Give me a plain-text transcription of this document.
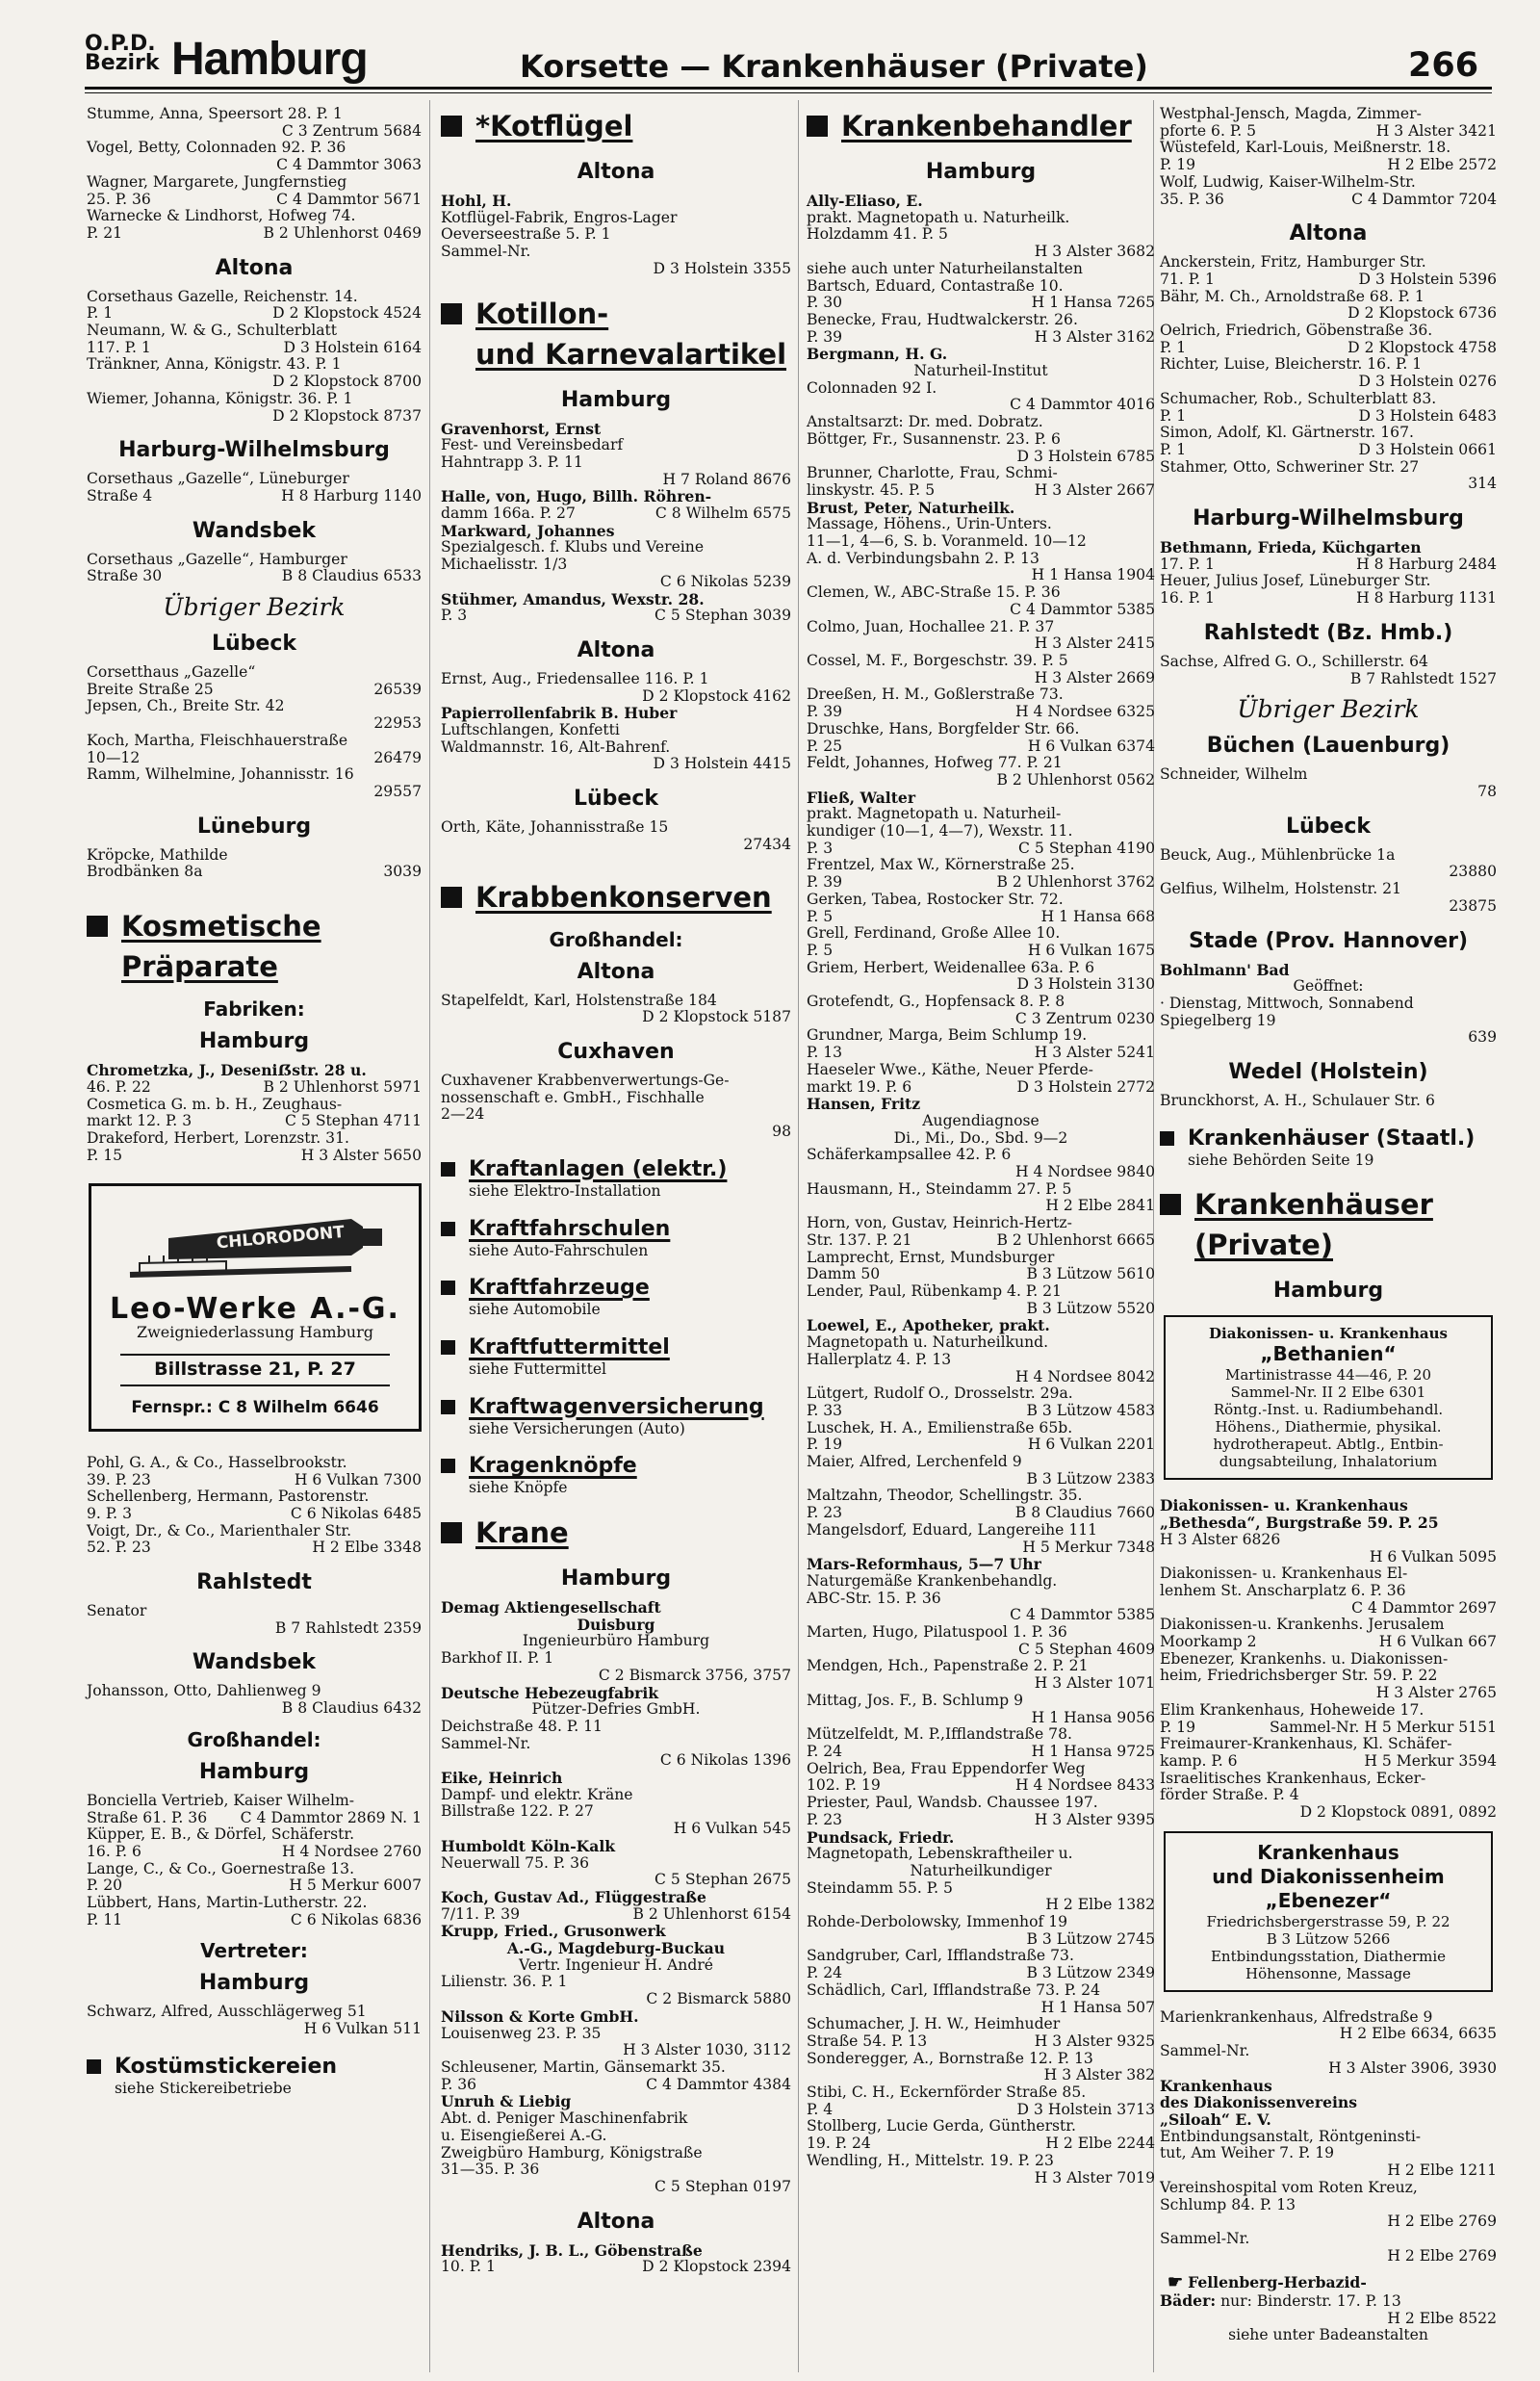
O.P.D.
Bezirk Hamburg	Korsette — Krankenhäuser (Private)	266
Stumme, Anna, Speersort 28. P. 1
C 3 Zentrum 5684
Vogel, Betty, Colonnaden 92. P. 36
C 4 Dammtor 3063
Wagner, Margarete, Jungfernstieg
25. P. 36	C 4 Dammtor 5671
Warnecke & Lindhorst, Hofweg 74.
P. 21	B 2 Uhlenhorst 0469
Altona
Corsethaus Gazelle, Reichenstr. 14.
P. 1	D 2 Klopstock 4524
Neumann, W. & G., Schulterblatt
117. P. 1	D 3 Holstein 6164
Tränkner, Anna, Königstr. 43. P. 1
D 2 Klopstock 8700
Wiemer, Johanna, Königstr. 36. P. 1
D 2 Klopstock 8737
Harburg-Wilhelmsburg
Corsethaus „Gazelle“, Lüneburger
Straße 4	H 8 Harburg 1140
Wandsbek
Corsethaus „Gazelle“, Hamburger
Straße 30	B 8 Claudius 6533
Übriger Bezirk
Lübeck
Corsetthaus „Gazelle“
Breite Straße 25	26539
Jepsen, Ch., Breite Str. 42
22953
Koch, Martha, Fleischhauerstraße
10—12	26479
Ramm, Wilhelmine, Johannisstr. 16
29557
Lüneburg
Kröpcke, Mathilde
Brodbänken 8a	3039
Kosmetische
Präparate
Fabriken:
Hamburg
Chrometzka, J., Deseniẞstr. 28 u.
46. P. 22	B 2 Uhlenhorst 5971
Cosmetica G. m. b. H., Zeughaus-
markt 12. P. 3	C 5 Stephan 4711
Drakeford, Herbert, Lorenzstr. 31.
P. 15	H 3 Alster 5650
CHLORODONT
Leo-Werke A.-G.
Zweigniederlassung Hamburg
Billstrasse 21, P. 27
Fernspr.: C 8 Wilhelm 6646
Pohl, G. A., & Co., Hasselbrookstr.
39. P. 23	H 6 Vulkan 7300
Schellenberg, Hermann, Pastorenstr.
9. P. 3	C 6 Nikolas 6485
Voigt, Dr., & Co., Marienthaler Str.
52. P. 23	H 2 Elbe 3348
Rahlstedt
Senator
B 7 Rahlstedt 2359
Wandsbek
Johansson, Otto, Dahlienweg 9
B 8 Claudius 6432
Großhandel:
Hamburg
Bonciella Vertrieb, Kaiser Wilhelm-
Straße 61. P. 36 C 4 Dammtor 2869 N. 1
Küpper, E. B., & Dörfel, Schäferstr.
16. P. 6	H 4 Nordsee 2760
Lange, C., & Co., Goernestraße 13.
P. 20	H 5 Merkur 6007
Lübbert, Hans, Martin-Lutherstr. 22.
P. 11	C 6 Nikolas 6836
Vertreter:
Hamburg
Schwarz, Alfred, Ausschlägerweg 51
H 6 Vulkan 511
Kostümstickereien
siehe Stickereibetriebe
*Kotflügel
Altona
Hohl, H.
Kotflügel-Fabrik, Engros-Lager
Oeverseestraße 5. P. 1
Sammel-Nr.
D 3 Holstein 3355
Kotillon-
und Karnevalartikel
Hamburg
Gravenhorst, Ernst
Fest- und Vereinsbedarf
Hahntrapp 3. P. 11
H 7 Roland 8676
Halle, von, Hugo, Billh. Röhren-
damm 166a. P. 27	C 8 Wilhelm 6575
Markward, Johannes
Spezialgesch. f. Klubs und Vereine
Michaelisstr. 1/3
C 6 Nikolas 5239
Stühmer, Amandus, Wexstr. 28.
P. 3	C 5 Stephan 3039
Altona
Ernst, Aug., Friedensallee 116. P. 1
D 2 Klopstock 4162
Papierrollenfabrik B. Huber
Luftschlangen, Konfetti
Waldmannstr. 16, Alt-Bahrenf.
D 3 Holstein 4415
Lübeck
Orth, Käte, Johannisstraße 15
27434
Krabbenkonserven
Großhandel:
Altona
Stapelfeldt, Karl, Holstenstraße 184
D 2 Klopstock 5187
Cuxhaven
Cuxhavener Krabbenverwertungs-Ge-
nossenschaft e. GmbH., Fischhalle
2—24
98
Kraftanlagen (elektr.)
siehe Elektro-Installation
Kraftfahrschulen
siehe Auto-Fahrschulen
Kraftfahrzeuge
siehe Automobile
Kraftfuttermittel
siehe Futtermittel
Kraftwagenversicherung
siehe Versicherungen (Auto)
Kragenknöpfe
siehe Knöpfe
Krane
Hamburg
Demag Aktiengesellschaft
Duisburg
Ingenieurbüro Hamburg
Barkhof II. P. 1
C 2 Bismarck 3756, 3757
Deutsche Hebezeugfabrik
Pützer-Defries GmbH.
Deichstraße 48. P. 11
Sammel-Nr.
C 6 Nikolas 1396
Eike, Heinrich
Dampf- und elektr. Kräne
Billstraße 122. P. 27
H 6 Vulkan 545
Humboldt Köln-Kalk
Neuerwall 75. P. 36
C 5 Stephan 2675
Koch, Gustav Ad., Flüggestraße
7/11. P. 39	B 2 Uhlenhorst 6154
Krupp, Fried., Grusonwerk
A.-G., Magdeburg-Buckau
Vertr. Ingenieur H. André
Lilienstr. 36. P. 1
C 2 Bismarck 5880
Nilsson & Korte GmbH.
Louisenweg 23. P. 35
H 3 Alster 1030, 3112
Schleusener, Martin, Gänsemarkt 35.
P. 36	C 4 Dammtor 4384
Unruh & Liebig
Abt. d. Peniger Maschinenfabrik
u. Eisengießerei A.-G.
Zweigbüro Hamburg, Königstraße
31—35. P. 36
C 5 Stephan 0197
Altona
Hendriks, J. B. L., Göbenstraße
10. P. 1	D 2 Klopstock 2394
Krankenbehandler
Hamburg
Ally-Eliaso, E.
prakt. Magnetopath u. Naturheilk.
Holzdamm 41. P. 5
H 3 Alster 3682
siehe auch unter Naturheilanstalten
Bartsch, Eduard, Contastraße 10.
P. 30	H 1 Hansa 7265
Benecke, Frau, Hudtwalckerstr. 26.
P. 39	H 3 Alster 3162
Bergmann, H. G.
Naturheil-Institut
Colonnaden 92 I.
C 4 Dammtor 4016
Anstaltsarzt: Dr. med. Dobratz.
Böttger, Fr., Susannenstr. 23. P. 6
D 3 Holstein 6785
Brunner, Charlotte, Frau, Schmi-
linskystr. 45. P. 5	H 3 Alster 2667
Brust, Peter, Naturheilk.
Massage, Höhens., Urin-Unters.
11—1, 4—6, S. b. Voranmeld. 10—12
A. d. Verbindungsbahn 2. P. 13
H 1 Hansa 1904
Clemen, W., ABC-Straße 15. P. 36
C 4 Dammtor 5385
Colmo, Juan, Hochallee 21. P. 37
H 3 Alster 2415
Cossel, M. F., Borgeschstr. 39. P. 5
H 3 Alster 2669
Dreeßen, H. M., Goßlerstraße 73.
P. 39	H 4 Nordsee 6325
Druschke, Hans, Borgfelder Str. 66.
P. 25	H 6 Vulkan 6374
Feldt, Johannes, Hofweg 77. P. 21
B 2 Uhlenhorst 0562
Fließ, Walter
prakt. Magnetopath u. Naturheil-
kundiger (10—1, 4—7), Wexstr. 11.
P. 3	C 5 Stephan 4190
Frentzel, Max W., Körnerstraße 25.
P. 39	B 2 Uhlenhorst 3762
Gerken, Tabea, Rostocker Str. 72.
P. 5	H 1 Hansa 668
Grell, Ferdinand, Große Allee 10.
P. 5	H 6 Vulkan 1675
Griem, Herbert, Weidenallee 63a. P. 6
D 3 Holstein 3130
Grotefendt, G., Hopfensack 8. P. 8
C 3 Zentrum 0230
Grundner, Marga, Beim Schlump 19.
P. 13	H 3 Alster 5241
Haeseler Wwe., Käthe, Neuer Pferde-
markt 19. P. 6	D 3 Holstein 2772
Hansen, Fritz
Augendiagnose
Di., Mi., Do., Sbd. 9—2
Schäferkampsallee 42. P. 6
H 4 Nordsee 9840
Hausmann, H., Steindamm 27. P. 5
H 2 Elbe 2841
Horn, von, Gustav, Heinrich-Hertz-
Str. 137. P. 21	B 2 Uhlenhorst 6665
Lamprecht, Ernst, Mundsburger
Damm 50	B 3 Lützow 5610
Lender, Paul, Rübenkamp 4. P. 21
B 3 Lützow 5520
Loewel, E., Apotheker, prakt.
Magnetopath u. Naturheilkund.
Hallerplatz 4. P. 13
H 4 Nordsee 8042
Lütgert, Rudolf O., Drosselstr. 29a.
P. 33	B 3 Lützow 4583
Luschek, H. A., Emilienstraße 65b.
P. 19	H 6 Vulkan 2201
Maier, Alfred, Lerchenfeld 9
B 3 Lützow 2383
Maltzahn, Theodor, Schellingstr. 35.
P. 23	B 8 Claudius 7660
Mangelsdorf, Eduard, Langereihe 111
H 5 Merkur 7348
Mars-Reformhaus, 5—7 Uhr
Naturgemäße Krankenbehandlg.
ABC-Str. 15. P. 36
C 4 Dammtor 5385
Marten, Hugo, Pilatuspool 1. P. 36
C 5 Stephan 4609
Mendgen, Hch., Papenstraße 2. P. 21
H 3 Alster 1071
Mittag, Jos. F., B. Schlump 9
H 1 Hansa 9056
Mützelfeldt, M. P.,Ifflandstraße 78.
P. 24	H 1 Hansa 9725
Oelrich, Bea, Frau Eppendorfer Weg
102. P. 19	H 4 Nordsee 8433
Priester, Paul, Wandsb. Chaussee 197.
P. 23	H 3 Alster 9395
Pundsack, Friedr.
Magnetopath, Lebenskraftheiler u.
Naturheilkundiger
Steindamm 55. P. 5
H 2 Elbe 1382
Rohde-Derbolowsky, Immenhof 19
B 3 Lützow 2745
Sandgruber, Carl, Ifflandstraße 73.
P. 24	B 3 Lützow 2349
Schädlich, Carl, Ifflandstraße 73. P. 24
H 1 Hansa 507
Schumacher, J. H. W., Heimhuder
Straße 54. P. 13	H 3 Alster 9325
Sonderegger, A., Bornstraße 12. P. 13
H 3 Alster 382
Stibi, C. H., Eckernförder Straße 85.
P. 4	D 3 Holstein 3713
Stollberg, Lucie Gerda, Güntherstr.
19. P. 24	H 2 Elbe 2244
Wendling, H., Mittelstr. 19. P. 23
H 3 Alster 7019
Westphal-Jensch, Magda, Zimmer-
pforte 6. P. 5	H 3 Alster 3421
Wüstefeld, Karl-Louis, Meißnerstr. 18.
P. 19	H 2 Elbe 2572
Wolf, Ludwig, Kaiser-Wilhelm-Str.
35. P. 36	C 4 Dammtor 7204
Altona
Anckerstein, Fritz, Hamburger Str.
71. P. 1	D 3 Holstein 5396
Bähr, M. Ch., Arnoldstraße 68. P. 1
D 2 Klopstock 6736
Oelrich, Friedrich, Göbenstraße 36.
P. 1	D 2 Klopstock 4758
Richter, Luise, Bleicherstr. 16. P. 1
D 3 Holstein 0276
Schumacher, Rob., Schulterblatt 83.
P. 1	D 3 Holstein 6483
Simon, Adolf, Kl. Gärtnerstr. 167.
P. 1	D 3 Holstein 0661
Stahmer, Otto, Schweriner Str. 27
314
Harburg-Wilhelmsburg
Bethmann, Frieda, Küchgarten
17. P. 1	H 8 Harburg 2484
Heuer, Julius Josef, Lüneburger Str.
16. P. 1	H 8 Harburg 1131
Rahlstedt (Bz. Hmb.)
Sachse, Alfred G. O., Schillerstr. 64
B 7 Rahlstedt 1527
Übriger Bezirk
Büchen (Lauenburg)
Schneider, Wilhelm
78
Lübeck
Beuck, Aug., Mühlenbrücke 1a
23880
Gelfius, Wilhelm, Holstenstr. 21
23875
Stade (Prov. Hannover)
Bohlmann' Bad
Geöffnet:
· Dienstag, Mittwoch, Sonnabend
Spiegelberg 19
639
Wedel (Holstein)
Brunckhorst, A. H., Schulauer Str. 6
Krankenhäuser (Staatl.)
siehe Behörden Seite 19
Krankenhäuser
(Private)
Hamburg
Diakonissen- u. Krankenhaus
„Bethanien“
Martinistrasse 44—46, P. 20
Sammel-Nr. II 2 Elbe 6301
Röntg.-Inst. u. Radiumbehandl.
Höhens., Diathermie, physikal.
hydrotherapeut. Abtlg., Entbin-
dungsabteilung, Inhalatorium
Diakonissen- u. Krankenhaus
„Bethesda“, Burgstraße 59. P. 25
H 3 Alster 6826
H 6 Vulkan 5095
Diakonissen- u. Krankenhaus El-
lenhem St. Anscharplatz 6. P. 36
C 4 Dammtor 2697
Diakonissen-u. Krankenhs. Jerusalem
Moorkamp 2	H 6 Vulkan 667
Ebenezer, Krankenhs. u. Diakonissen-
heim, Friedrichsberger Str. 59. P. 22
H 3 Alster 2765
Elim Krankenhaus, Hoheweide 17.
P. 19	Sammel-Nr. H 5 Merkur 5151
Freimaurer-Krankenhaus, Kl. Schäfer-
kamp. P. 6	H 5 Merkur 3594
Israelitisches Krankenhaus, Ecker-
förder Straße. P. 4
D 2 Klopstock 0891, 0892
Krankenhaus
und Diakonissenheim
„Ebenezer“
Friedrichsbergerstrasse 59, P. 22
B 3 Lützow 5266
Entbindungsstation, Diathermie
Höhensonne, Massage
Marienkrankenhaus, Alfredstraße 9
H 2 Elbe 6634, 6635
Sammel-Nr.
H 3 Alster 3906, 3930
Krankenhaus
des Diakonissenvereins
„Siloah“ E. V.
Entbindungsanstalt, Röntgeninsti-
tut, Am Weiher 7. P. 19
H 2 Elbe 1211
Vereinshospital vom Roten Kreuz,
Schlump 84. P. 13
H 2 Elbe 2769
Sammel-Nr.
H 2 Elbe 2769
☛ Fellenberg-Herbazid-
Bäder: nur: Binderstr. 17. P. 13
H 2 Elbe 8522
siehe unter Badeanstalten
